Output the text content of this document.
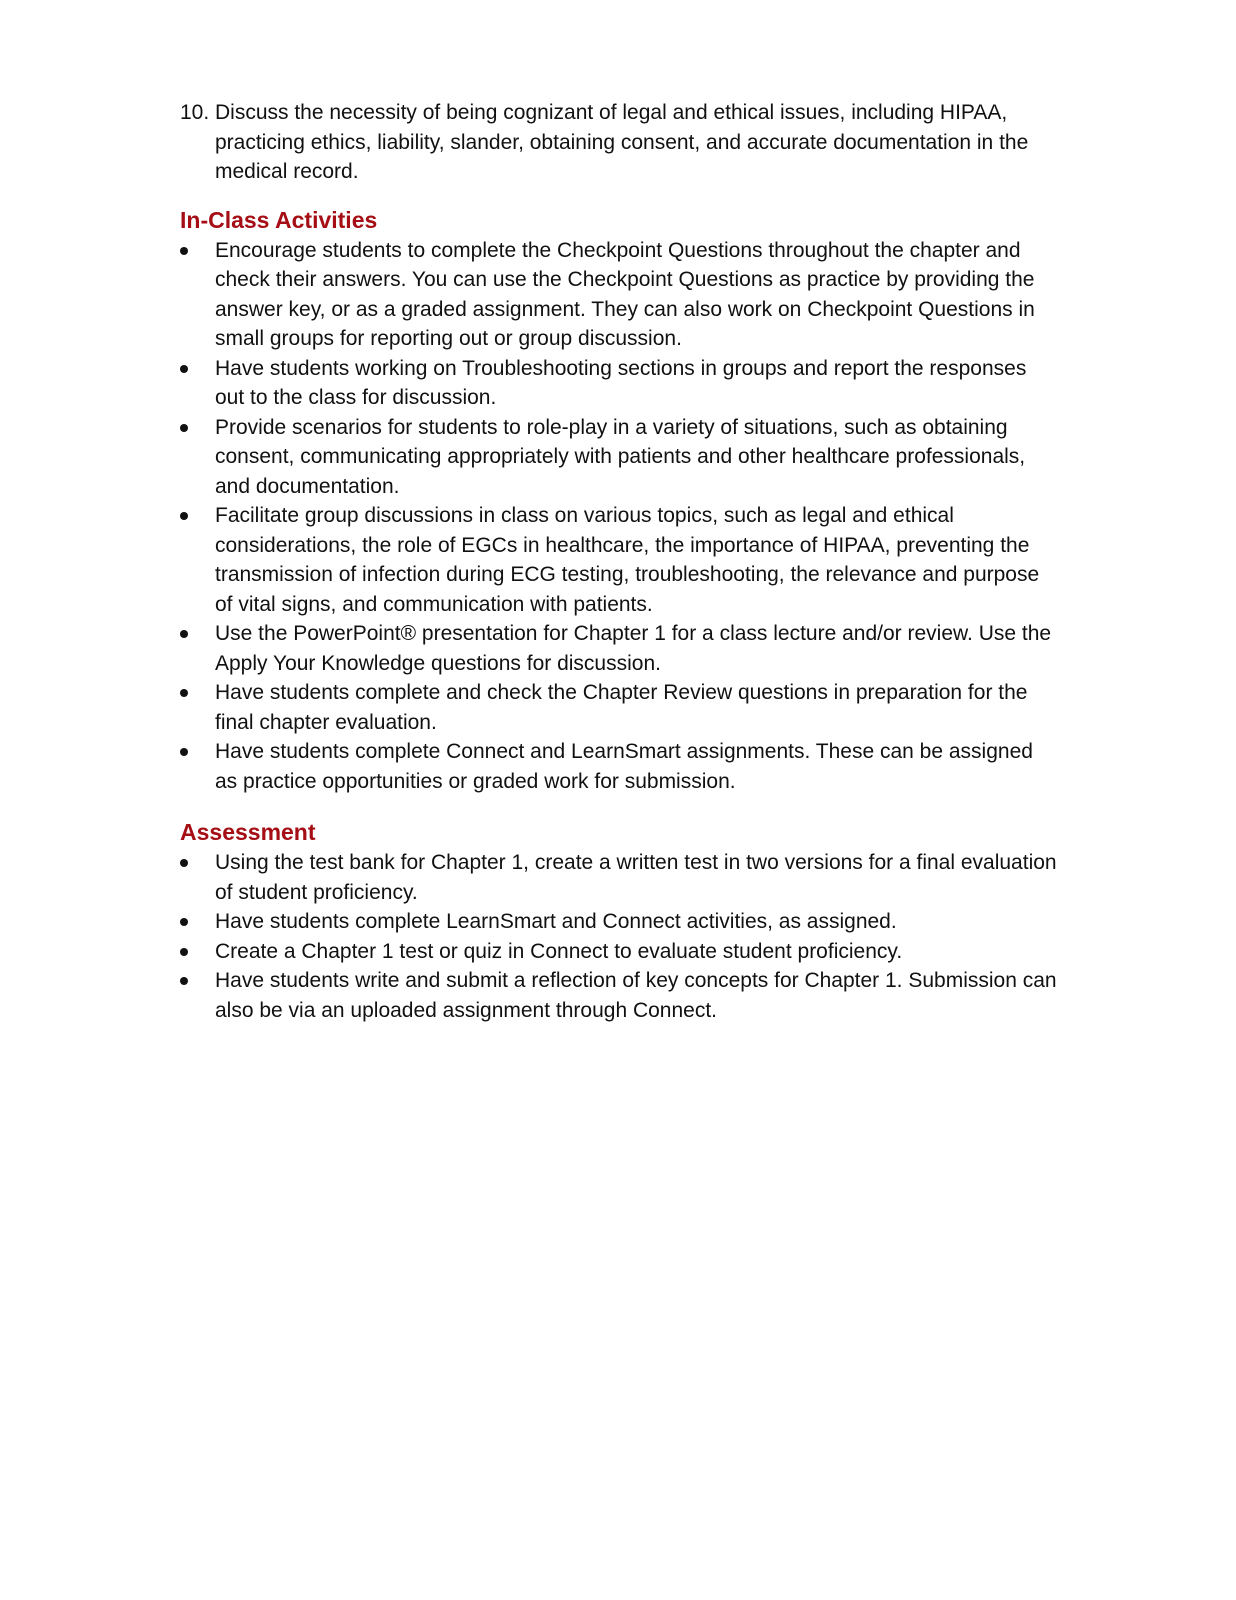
10. Discuss the necessity of being cognizant of legal and ethical issues, including HIPAA, practicing ethics, liability, slander, obtaining consent, and accurate documentation in the medical record.

In-Class Activities
Encourage students to complete the Checkpoint Questions throughout the chapter and check their answers. You can use the Checkpoint Questions as practice by providing the answer key, or as a graded assignment. They can also work on Checkpoint Questions in small groups for reporting out or group discussion.
Have students working on Troubleshooting sections in groups and report the responses out to the class for discussion.
Provide scenarios for students to role-play in a variety of situations, such as obtaining consent, communicating appropriately with patients and other healthcare professionals, and documentation.
Facilitate group discussions in class on various topics, such as legal and ethical considerations, the role of EGCs in healthcare, the importance of HIPAA, preventing the transmission of infection during ECG testing, troubleshooting, the relevance and purpose of vital signs, and communication with patients.
Use the PowerPoint® presentation for Chapter 1 for a class lecture and/or review. Use the Apply Your Knowledge questions for discussion.
Have students complete and check the Chapter Review questions in preparation for the final chapter evaluation.
Have students complete Connect and LearnSmart assignments. These can be assigned as practice opportunities or graded work for submission.
Assessment
Using the test bank for Chapter 1, create a written test in two versions for a final evaluation of student proficiency.
Have students complete LearnSmart and Connect activities, as assigned.
Create a Chapter 1 test or quiz in Connect to evaluate student proficiency.
Have students write and submit a reflection of key concepts for Chapter 1. Submission can also be via an uploaded assignment through Connect.
